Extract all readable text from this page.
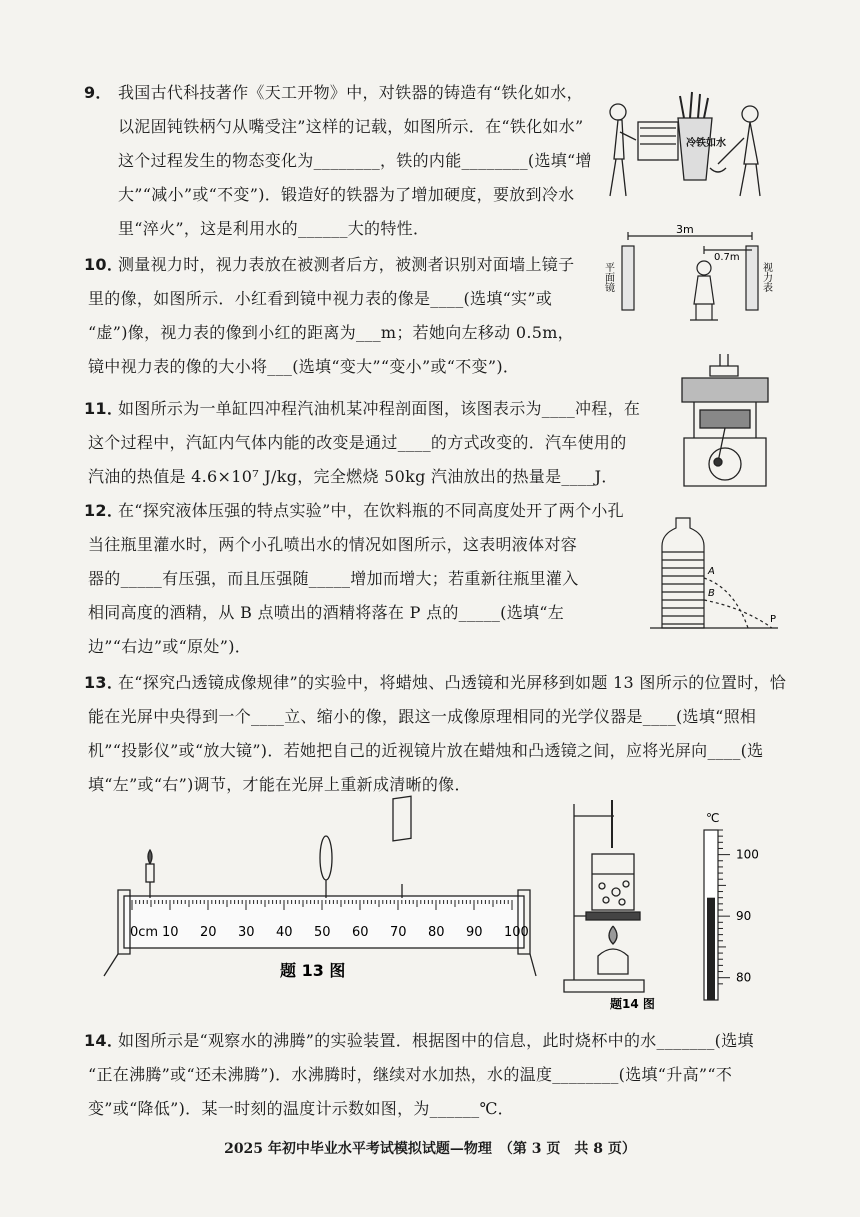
9． 我国古代科技著作《天工开物》中，对铁器的铸造有“铁化如水，
以泥固钝铁柄勺从嘴受注”这样的记载，如图所示．在“铁化如水”
这个过程发生的物态变化为________，铁的内能________(选填“增
大”“减小”或“不变”)．锻造好的铁器为了增加硬度，要放到冷水
里“淬火”，这是利用水的______大的特性．
冷铁如水
10．
测量视力时，视力表放在被测者后方，被测者识别对面墙上镜子
里的像，如图所示．小红看到镜中视力表的像是____(选填“实”或 “虚”)像，视力表的像到小红的距离为___m；若她向左移动 0.5m， 镜中视力表的像的大小将___(选填“变大”“变小”或“不变”)．
3m
0.7m
平面镜	视力表
11．
如图所示为一单缸四冲程汽油机某冲程剖面图，该图表示为____冲程，在
这个过程中，汽缸内气体内能的改变是通过____的方式改变的．汽车使用的 汽油的热值是 4.6×10⁷ J/kg，完全燃烧 50kg 汽油放出的热量是____J．
12．
在“探究液体压强的特点实验”中，在饮料瓶的不同高度处开了两个小孔
当往瓶里灌水时，两个小孔喷出水的情况如图所示，这表明液体对容 器的_____有压强，而且压强随_____增加而增大；若重新往瓶里灌入 相同高度的酒精，从 B 点喷出的酒精将落在 P 点的_____(选填“左 边”“右边”或“原处”)．
A
B
P
13．
在“探究凸透镜成像规律”的实验中，将蜡烛、凸透镜和光屏移到如题 13 图所示的位置时，恰
能在光屏中央得到一个____立、缩小的像，跟这一成像原理相同的光学仪器是____(选填“照相 机”“投影仪”或“放大镜”)．若她把自己的近视镜片放在蜡烛和凸透镜之间，应将光屏向____(选 填“左”或“右”)调节，才能在光屏上重新成清晰的像．
0cm 10 20 30 40 50 60 70 80 90 100
题 13 图
题14 图
℃
100
90
80
14．
如图所示是“观察水的沸腾”的实验装置．根据图中的信息，此时烧杯中的水_______(选填
“正在沸腾”或“还未沸腾”)．水沸腾时，继续对水加热，水的温度________(选填“升高”“不 变”或“降低”)．某一时刻的温度计示数如图，为______℃．
2025 年初中毕业水平考试模拟试题—物理　（第 3 页　共 8 页）
